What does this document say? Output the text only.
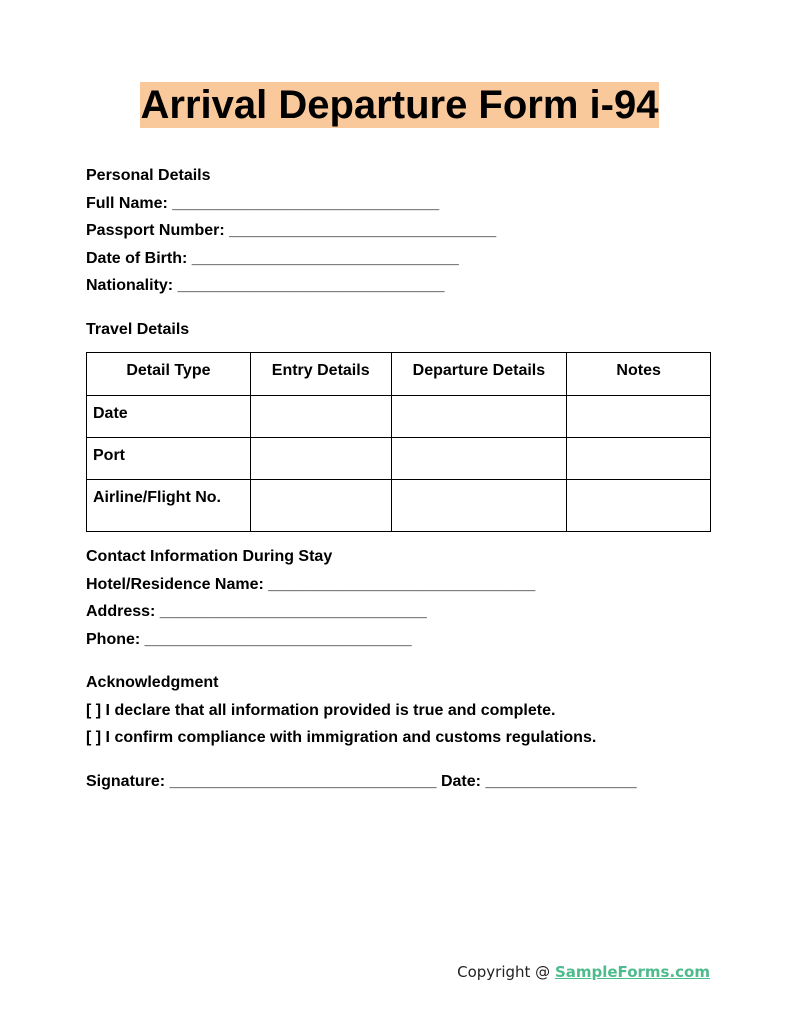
Arrival Departure Form i-94
Personal Details
Full Name: ______________________________
Passport Number: ______________________________
Date of Birth: ______________________________
Nationality: ______________________________
Travel Details
Detail Type	Entry Details	Departure Details	Notes
Date			
Port			
Airline/Flight No.			
Contact Information During Stay
Hotel/Residence Name: ______________________________
Address: ______________________________
Phone: ______________________________
Acknowledgment
[ ] I declare that all information provided is true and complete.
[ ] I confirm compliance with immigration and customs regulations.
Signature: ______________________________ Date: _________________
Copyright @ SampleForms.com
